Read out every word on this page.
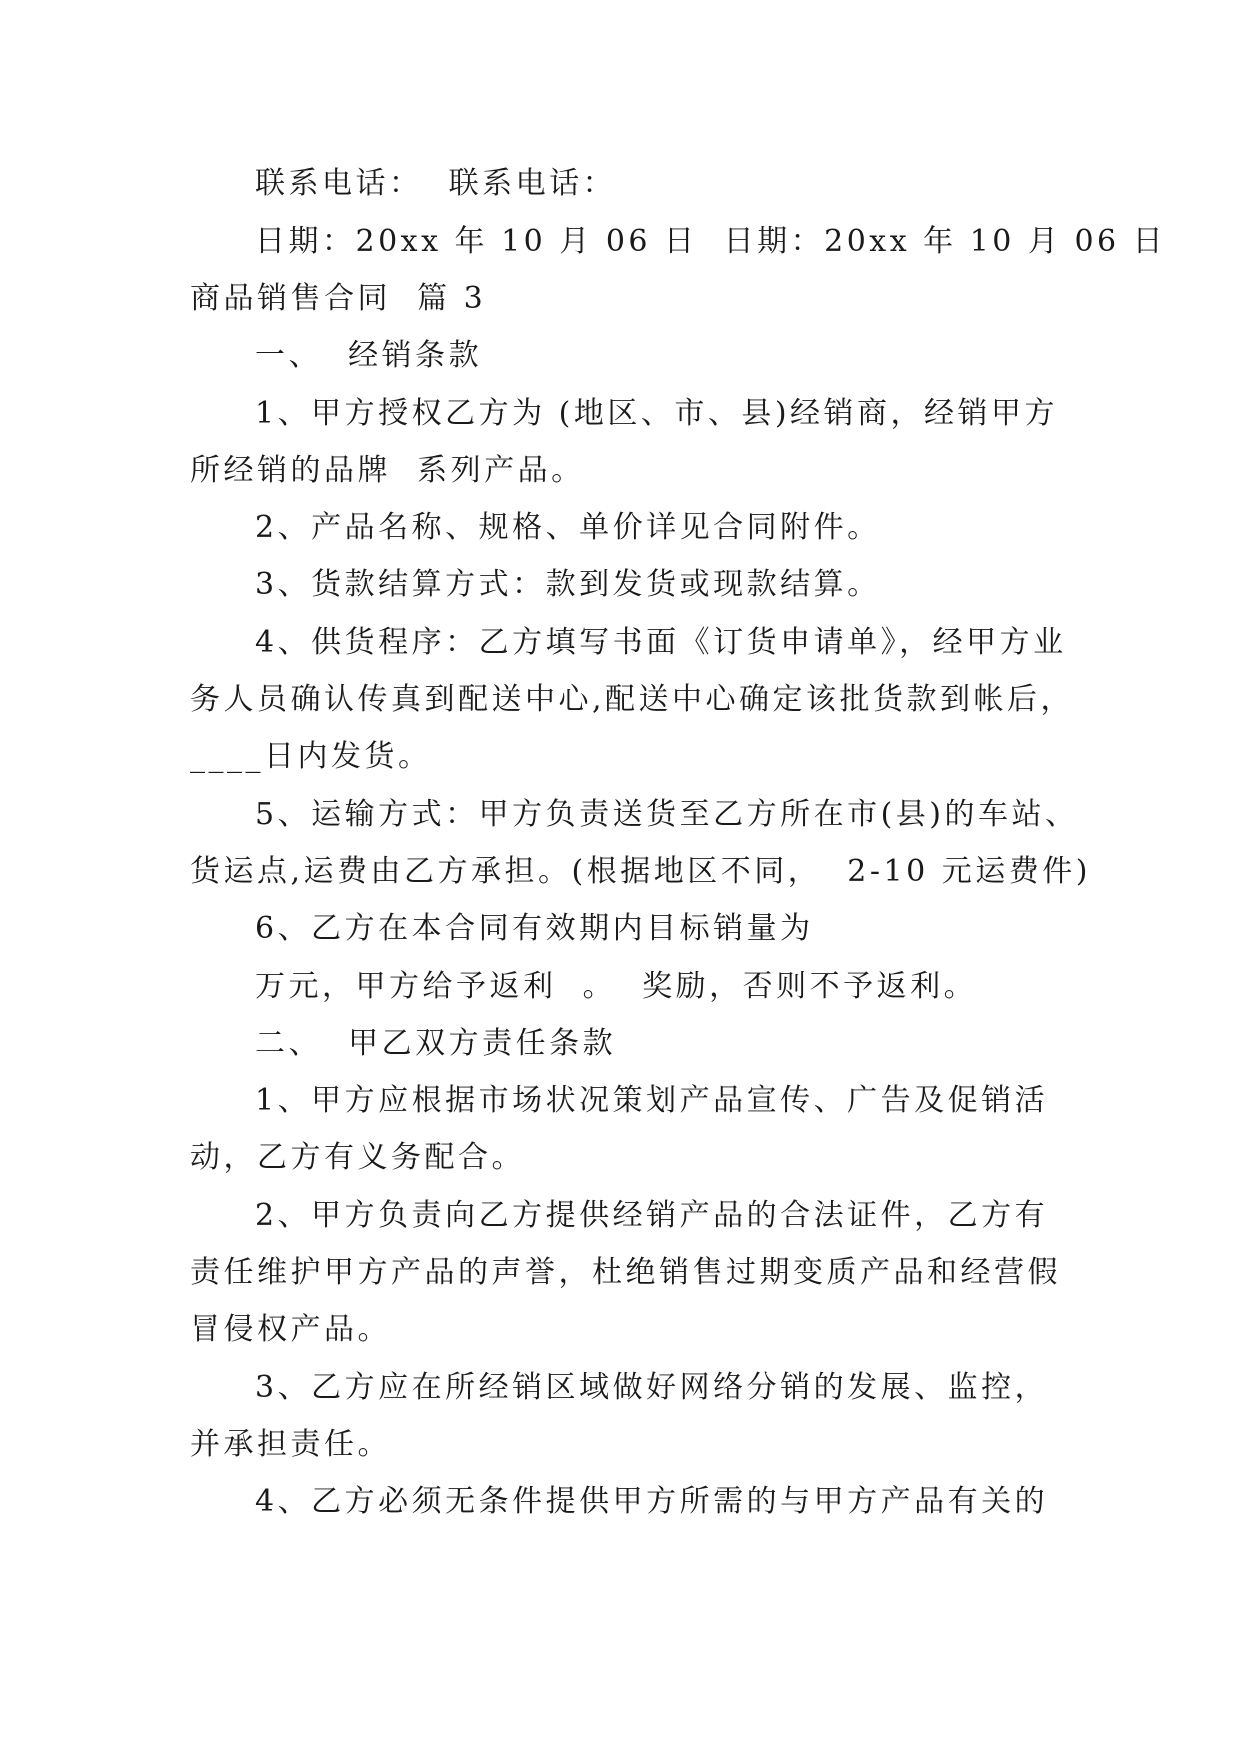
联系电话：  联系电话：

日期：20xx 年 10 月 06 日  日期：20xx 年 10 月 06 日

商品销售合同  篇 3

一、  经销条款

1、甲方授权乙方为 (地区、市、县)经销商，经销甲方

所经销的品牌  系列产品。

2、产品名称、规格、单价详见合同附件。

3、货款结算方式：款到发货或现款结算。

4、供货程序：乙方填写书面《订货申请单》，经甲方业

务人员确认传真到配送中心,配送中心确定该批货款到帐后，

____日内发货。

5、运输方式：甲方负责送货至乙方所在市(县)的车站、

货运点,运费由乙方承担。(根据地区不同，  2-10 元运费件)

6、乙方在本合同有效期内目标销量为

万元，甲方给予返利  。  奖励，否则不予返利。

二、  甲乙双方责任条款

1、甲方应根据市场状况策划产品宣传、广告及促销活

动，乙方有义务配合。

2、甲方负责向乙方提供经销产品的合法证件，乙方有

责任维护甲方产品的声誉，杜绝销售过期变质产品和经营假

冒侵权产品。

3、乙方应在所经销区域做好网络分销的发展、监控，

并承担责任。

4、乙方必须无条件提供甲方所需的与甲方产品有关的
